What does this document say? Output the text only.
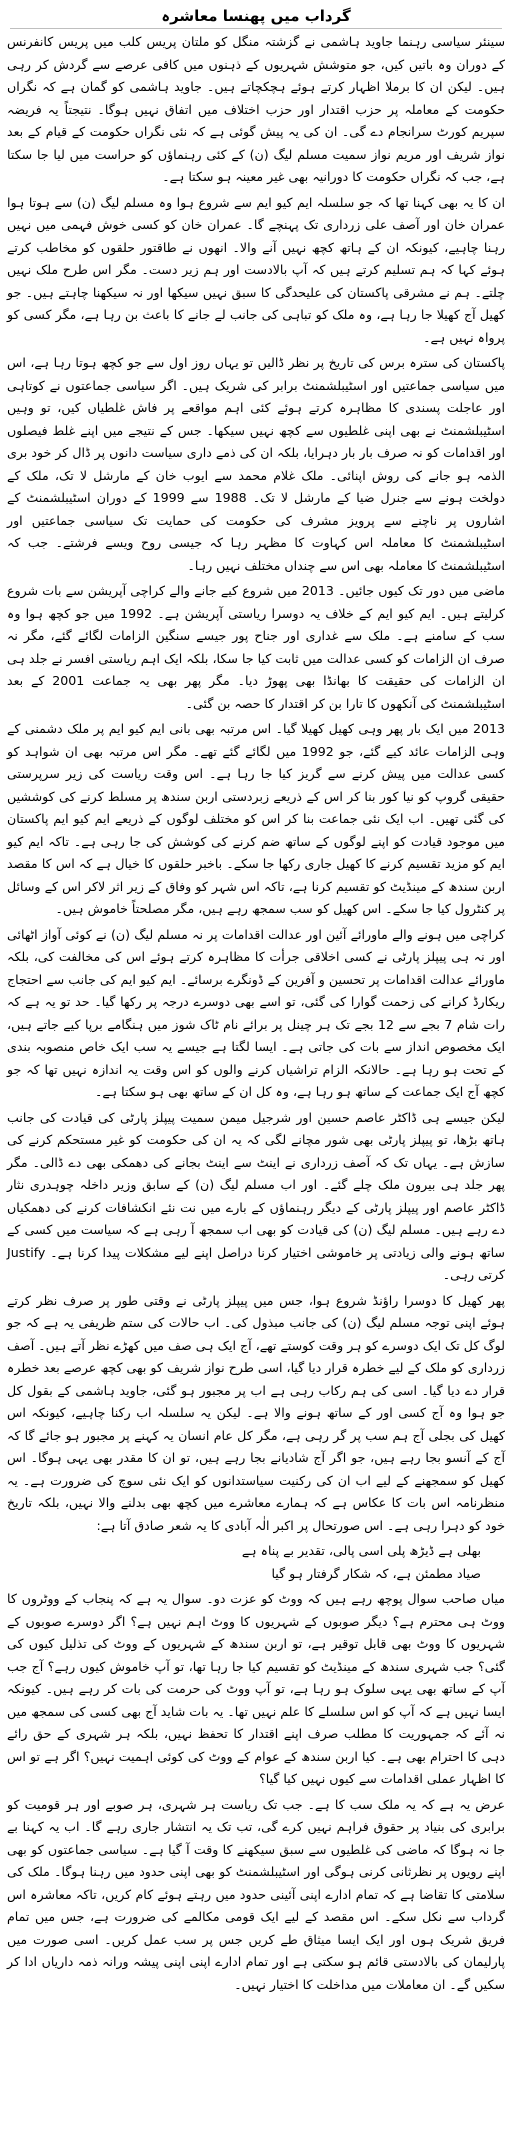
گرداب میں پھنسا معاشرہ

سینئر سیاسی رہنما جاوید ہاشمی نے گزشتہ منگل کو ملتان پریس کلب میں پریس کانفرنس کے دوران وہ باتیں کیں، جو متوشش شہریوں کے ذہنوں میں کافی عرصے سے گردش کر رہی ہیں۔ لیکن ان کا برملا اظہار کرتے ہوئے ہچکچاتے ہیں۔ جاوید ہاشمی کو گمان ہے کہ نگراں حکومت کے معاملہ پر حزب اقتدار اور حزب اختلاف میں اتفاق نہیں ہوگا۔ نتیجتاً یہ فریضہ سپریم کورٹ سرانجام دے گی۔ ان کی یہ پیش گوئی ہے کہ نئی نگراں حکومت کے قیام کے بعد نواز شریف اور مریم نواز سمیت مسلم لیگ (ن) کے کئی رہنماؤں کو حراست میں لیا جا سکتا ہے، جب کہ نگراں حکومت کا دورانیہ بھی غیر معینہ ہو سکتا ہے۔

ان کا یہ بھی کہنا تھا کہ جو سلسلہ ایم کیو ایم سے شروع ہوا وہ مسلم لیگ (ن) سے ہوتا ہوا عمران خان اور آصف علی زرداری تک پہنچے گا۔ عمران خان کو کسی خوش فہمی میں نہیں رہنا چاہیے، کیونکہ ان کے ہاتھ کچھ نہیں آنے والا۔ انھوں نے طاقتور حلقوں کو مخاطب کرتے ہوئے کہا کہ ہم تسلیم کرتے ہیں کہ آپ بالادست اور ہم زیر دست۔ مگر اس طرح ملک نہیں چلتے۔ ہم نے مشرقی پاکستان کی علیحدگی کا سبق نہیں سیکھا اور نہ سیکھنا چاہتے ہیں۔ جو کھیل آج کھیلا جا رہا ہے، وہ ملک کو تباہی کی جانب لے جانے کا باعث بن رہا ہے، مگر کسی کو پرواہ نہیں ہے۔

پاکستان کی سترہ برس کی تاریخ پر نظر ڈالیں تو یہاں روز اول سے جو کچھ ہوتا رہا ہے، اس میں سیاسی جماعتیں اور اسٹیبلشمنٹ برابر کی شریک ہیں۔ اگر سیاسی جماعتوں نے کوتاہی اور عاجلت پسندی کا مظاہرہ کرتے ہوئے کئی اہم مواقعے پر فاش غلطیاں کیں، تو وہیں اسٹیبلشمنٹ نے بھی اپنی غلطیوں سے کچھ نہیں سیکھا۔ جس کے نتیجے میں اپنے غلط فیصلوں اور اقدامات کو نہ صرف بار بار دہرایا، بلکہ ان کی ذمے داری سیاست دانوں پر ڈال کر خود بری الذمہ ہو جانے کی روش اپنائی۔ ملک غلام محمد سے ایوب خان کے مارشل لا تک، ملک کے دولخت ہونے سے جنرل ضیا کے مارشل لا تک۔ 1988 سے 1999 کے دوران اسٹیبلشمنٹ کے اشاروں پر ناچنے سے پرویز مشرف کی حکومت کی حمایت تک سیاسی جماعتیں اور اسٹیبلشمنٹ کا معاملہ اس کہاوت کا مظہر رہا کہ جیسی روح ویسے فرشتے۔ جب کہ اسٹیبلشمنٹ کا معاملہ بھی اس سے چنداں مختلف نہیں رہا۔

ماضی میں دور تک کیوں جائیں۔ 2013 میں شروع کیے جانے والے کراچی آپریشن سے بات شروع کرلیتے ہیں۔ ایم کیو ایم کے خلاف یہ دوسرا ریاستی آپریشن ہے۔ 1992 میں جو کچھ ہوا وہ سب کے سامنے ہے۔ ملک سے غداری اور جناح پور جیسے سنگین الزامات لگائے گئے، مگر نہ صرف ان الزامات کو کسی عدالت میں ثابت کیا جا سکا، بلکہ ایک اہم ریاستی افسر نے جلد ہی ان الزامات کی حقیقت کا بھانڈا بھی پھوڑ دیا۔ مگر پھر بھی یہ جماعت 2001 کے بعد اسٹیبلشمنٹ کی آنکھوں کا تارا بن کر اقتدار کا حصہ بن گئی۔

2013 میں ایک بار پھر وہی کھیل کھیلا گیا۔ اس مرتبہ بھی بانی ایم کیو ایم پر ملک دشمنی کے وہی الزامات عائد کیے گئے، جو 1992 میں لگائے گئے تھے۔ مگر اس مرتبہ بھی ان شواہد کو کسی عدالت میں پیش کرنے سے گریز کیا جا رہا ہے۔ اس وقت ریاست کی زیر سرپرستی حقیقی گروپ کو نیا کور بنا کر اس کے ذریعے زبردستی اربن سندھ پر مسلط کرنے کی کوششیں کی گئی تھیں۔ اب ایک نئی جماعت بنا کر اس کو مختلف لوگوں کے ذریعے ایم کیو ایم پاکستان میں موجود قیادت کو اپنے لوگوں کے ساتھ ضم کرنے کی کوشش کی جا رہی ہے۔ تاکہ ایم کیو ایم کو مزید تقسیم کرنے کا کھیل جاری رکھا جا سکے۔ باخبر حلقوں کا خیال ہے کہ اس کا مقصد اربن سندھ کے مینڈیٹ کو تقسیم کرنا ہے، تاکہ اس شہر کو وفاق کے زیر اثر لاکر اس کے وسائل پر کنٹرول کیا جا سکے۔ اس کھیل کو سب سمجھ رہے ہیں، مگر مصلحتاً خاموش ہیں۔

کراچی میں ہونے والے ماورائے آئین اور عدالت اقدامات پر نہ مسلم لیگ (ن) نے کوئی آواز اٹھائی اور نہ ہی پیپلز پارٹی نے کسی اخلاقی جرأت کا مظاہرہ کرتے ہوئے اس کی مخالفت کی، بلکہ ماورائے عدالت اقدامات پر تحسین و آفرین کے ڈونگرے برسائے۔ ایم کیو ایم کی جانب سے احتجاج ریکارڈ کرانے کی زحمت گوارا کی گئی، تو اسے بھی دوسرے درجہ پر رکھا گیا۔ حد تو یہ ہے کہ رات شام 7 بجے سے 12 بجے تک ہر چینل پر برائے نام ٹاک شوز میں ہنگامے برپا کیے جاتے ہیں، ایک مخصوص انداز سے بات کی جاتی ہے۔ ایسا لگتا ہے جیسے یہ سب ایک خاص منصوبہ بندی کے تحت ہو رہا ہے۔ حالانکہ الزام تراشیاں کرنے والوں کو اس وقت یہ اندازہ نہیں تھا کہ جو کچھ آج ایک جماعت کے ساتھ ہو رہا ہے، وہ کل ان کے ساتھ بھی ہو سکتا ہے۔

لیکن جیسے ہی ڈاکٹر عاصم حسین اور شرجیل میمن سمیت پیپلز پارٹی کی قیادت کی جانب ہاتھ بڑھا، تو پیپلز پارٹی بھی شور مچانے لگی کہ یہ ان کی حکومت کو غیر مستحکم کرنے کی سازش ہے۔ یہاں تک کہ آصف زرداری نے اینٹ سے اینٹ بجانے کی دھمکی بھی دے ڈالی۔ مگر پھر جلد ہی بیرون ملک چلے گئے۔ اور اب مسلم لیگ (ن) کے سابق وزیر داخلہ چوہدری نثار ڈاکٹر عاصم اور پیپلز پارٹی کے دیگر رہنماؤں کے بارے میں نت نئے انکشافات کرنے کی دھمکیاں دے رہے ہیں۔ مسلم لیگ (ن) کی قیادت کو بھی اب سمجھ آ رہی ہے کہ سیاست میں کسی کے ساتھ ہونے والی زیادتی پر خاموشی اختیار کرنا دراصل اپنے لیے مشکلات پیدا کرنا ہے۔ Justify کرتی رہی۔

پھر کھیل کا دوسرا راؤنڈ شروع ہوا، جس میں پیپلز پارٹی نے وقتی طور پر صرف نظر کرتے ہوئے اپنی توجہ مسلم لیگ (ن) کی جانب مبذول کی۔ اب حالات کی ستم ظریفی یہ ہے کہ جو لوگ کل تک ایک دوسرے کو ہر وقت کوستے تھے، آج ایک ہی صف میں کھڑے نظر آتے ہیں۔ آصف زرداری کو ملک کے لیے خطرہ قرار دیا گیا، اسی طرح نواز شریف کو بھی کچھ عرصے بعد خطرہ قرار دے دیا گیا۔ اسی کی ہم رکاب رہی ہے اب پر مجبور ہو گئی، جاوید ہاشمی کے بقول کل جو ہوا وہ آج کسی اور کے ساتھ ہونے والا ہے۔ لیکن یہ سلسلہ اب رکنا چاہیے، کیونکہ اس کھیل کی بجلی آج ہم سب پر گر رہی ہے، مگر کل عام انسان یہ کہنے پر مجبور ہو جائے گا کہ آج کے آنسو بجا رہے ہیں، جو اگر آج شادیانے بجا رہے ہیں، تو ان کا مقدر بھی یہی ہوگا۔ اس کھیل کو سمجھنے کے لیے اب ان کی رکنیت سیاستدانوں کو ایک نئی سوچ کی ضرورت ہے۔ یہ منظرنامہ اس بات کا عکاس ہے کہ ہمارے معاشرے میں کچھ بھی بدلنے والا نہیں، بلکہ تاریخ خود کو دہرا رہی ہے۔ اس صورتحال پر اکبر الٰہ آبادی کا یہ شعر صادق آتا ہے:

بھلی ہے ڈیڑھ پلی اسی پالی، تقدیر بے پناہ ہے

صیاد مطمئن ہے، کہ شکار گرفتار ہو گیا

میاں صاحب سوال پوچھ رہے ہیں کہ ووٹ کو عزت دو۔ سوال یہ ہے کہ پنجاب کے ووٹروں کا ووٹ ہی محترم ہے؟ دیگر صوبوں کے شہریوں کا ووٹ اہم نہیں ہے؟ اگر دوسرے صوبوں کے شہریوں کا ووٹ بھی قابل توقیر ہے، تو اربن سندھ کے شہریوں کے ووٹ کی تذلیل کیوں کی گئی؟ جب شہری سندھ کے مینڈیٹ کو تقسیم کیا جا رہا تھا، تو آپ خاموش کیوں رہے؟ آج جب آپ کے ساتھ بھی یہی سلوک ہو رہا ہے، تو آپ ووٹ کی حرمت کی بات کر رہے ہیں۔ کیونکہ ایسا نہیں ہے کہ آپ کو اس سلسلے کا علم نہیں تھا۔ یہ بات شاید آج بھی کسی کی سمجھ میں نہ آئے کہ جمہوریت کا مطلب صرف اپنے اقتدار کا تحفظ نہیں، بلکہ ہر شہری کے حق رائے دہی کا احترام بھی ہے۔ کیا اربن سندھ کے عوام کے ووٹ کی کوئی اہمیت نہیں؟ اگر ہے تو اس کا اظہار عملی اقدامات سے کیوں نہیں کیا گیا؟

عرض یہ ہے کہ یہ ملک سب کا ہے۔ جب تک ریاست ہر شہری، ہر صوبے اور ہر قومیت کو برابری کی بنیاد پر حقوق فراہم نہیں کرے گی، تب تک یہ انتشار جاری رہے گا۔ اب یہ کہنا بے جا نہ ہوگا کہ ماضی کی غلطیوں سے سبق سیکھنے کا وقت آ گیا ہے۔ سیاسی جماعتوں کو بھی اپنے رویوں پر نظرثانی کرنی ہوگی اور اسٹیبلشمنٹ کو بھی اپنی حدود میں رہنا ہوگا۔ ملک کی سلامتی کا تقاضا ہے کہ تمام ادارے اپنی آئینی حدود میں رہتے ہوئے کام کریں، تاکہ معاشرہ اس گرداب سے نکل سکے۔ اس مقصد کے لیے ایک قومی مکالمے کی ضرورت ہے، جس میں تمام فریق شریک ہوں اور ایک ایسا میثاق طے کریں جس پر سب عمل کریں۔ اسی صورت میں پارلیمان کی بالادستی قائم ہو سکتی ہے اور تمام ادارے اپنی اپنی پیشہ ورانہ ذمہ داریاں ادا کر سکیں گے۔ ان معاملات میں مداخلت کا اختیار نہیں۔
